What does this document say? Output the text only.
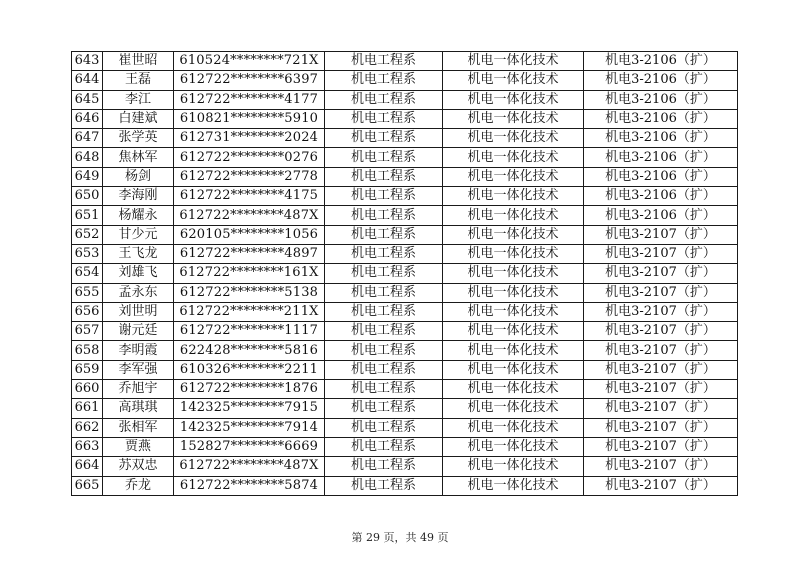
643	崔世昭	610524********721X	机电工程系	机电一体化技术	机电3-2106（扩）
644	王磊	612722********6397	机电工程系	机电一体化技术	机电3-2106（扩）
645	李江	612722********4177	机电工程系	机电一体化技术	机电3-2106（扩）
646	白建斌	610821********5910	机电工程系	机电一体化技术	机电3-2106（扩）
647	张学英	612731********2024	机电工程系	机电一体化技术	机电3-2106（扩）
648	焦林军	612722********0276	机电工程系	机电一体化技术	机电3-2106（扩）
649	杨剑	612722********2778	机电工程系	机电一体化技术	机电3-2106（扩）
650	李海刚	612722********4175	机电工程系	机电一体化技术	机电3-2106（扩）
651	杨耀永	612722********487X	机电工程系	机电一体化技术	机电3-2106（扩）
652	甘少元	620105********1056	机电工程系	机电一体化技术	机电3-2107（扩）
653	王飞龙	612722********4897	机电工程系	机电一体化技术	机电3-2107（扩）
654	刘雄飞	612722********161X	机电工程系	机电一体化技术	机电3-2107（扩）
655	孟永东	612722********5138	机电工程系	机电一体化技术	机电3-2107（扩）
656	刘世明	612722********211X	机电工程系	机电一体化技术	机电3-2107（扩）
657	谢元廷	612722********1117	机电工程系	机电一体化技术	机电3-2107（扩）
658	李明霞	622428********5816	机电工程系	机电一体化技术	机电3-2107（扩）
659	李军强	610326********2211	机电工程系	机电一体化技术	机电3-2107（扩）
660	乔旭宇	612722********1876	机电工程系	机电一体化技术	机电3-2107（扩）
661	高琪琪	142325********7915	机电工程系	机电一体化技术	机电3-2107（扩）
662	张相军	142325********7914	机电工程系	机电一体化技术	机电3-2107（扩）
663	贾燕	152827********6669	机电工程系	机电一体化技术	机电3-2107（扩）
664	苏双忠	612722********487X	机电工程系	机电一体化技术	机电3-2107（扩）
665	乔龙	612722********5874	机电工程系	机电一体化技术	机电3-2107（扩）
第 29 页，共 49 页
